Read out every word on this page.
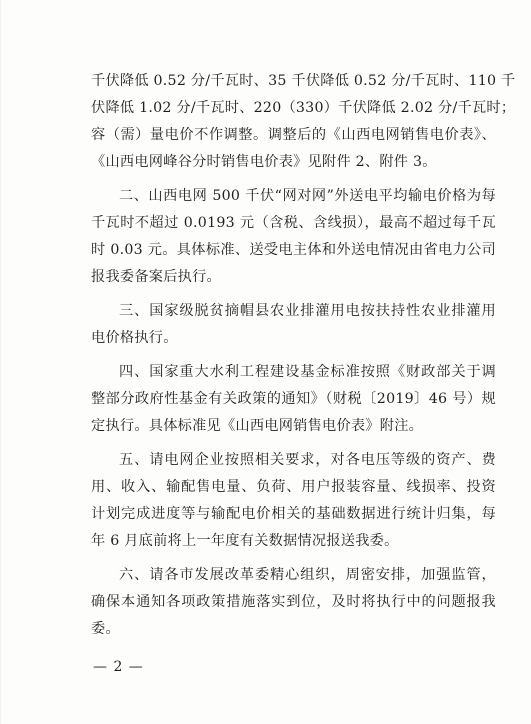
千伏降低 0.52 分/千瓦时、35 千伏降低 0.52 分/千瓦时、110 千
伏降低 1.02 分/千瓦时、220（330）千伏降低 2.02 分/千瓦时；
容（需）量电价不作调整。调整后的《山西电网销售电价表》、
《山西电网峰谷分时销售电价表》见附件 2、附件 3。
二、山西电网 500 千伏“网对网”外送电平均输电价格为每
千瓦时不超过 0.0193 元（含税、含线损），最高不超过每千瓦
时 0.03 元。具体标准、送受电主体和外送电情况由省电力公司
报我委备案后执行。
三、国家级脱贫摘帽县农业排灌用电按扶持性农业排灌用
电价格执行。
四、国家重大水利工程建设基金标准按照《财政部关于调
整部分政府性基金有关政策的通知》（财税〔2019〕46 号）规
定执行。具体标准见《山西电网销售电价表》附注。
五、请电网企业按照相关要求，对各电压等级的资产、费
用、收入、输配售电量、负荷、用户报装容量、线损率、投资
计划完成进度等与输配电价相关的基础数据进行统计归集，每
年 6 月底前将上一年度有关数据情况报送我委。
六、请各市发展改革委精心组织，周密安排，加强监管，
确保本通知各项政策措施落实到位，及时将执行中的问题报我
委。
— 2 —
